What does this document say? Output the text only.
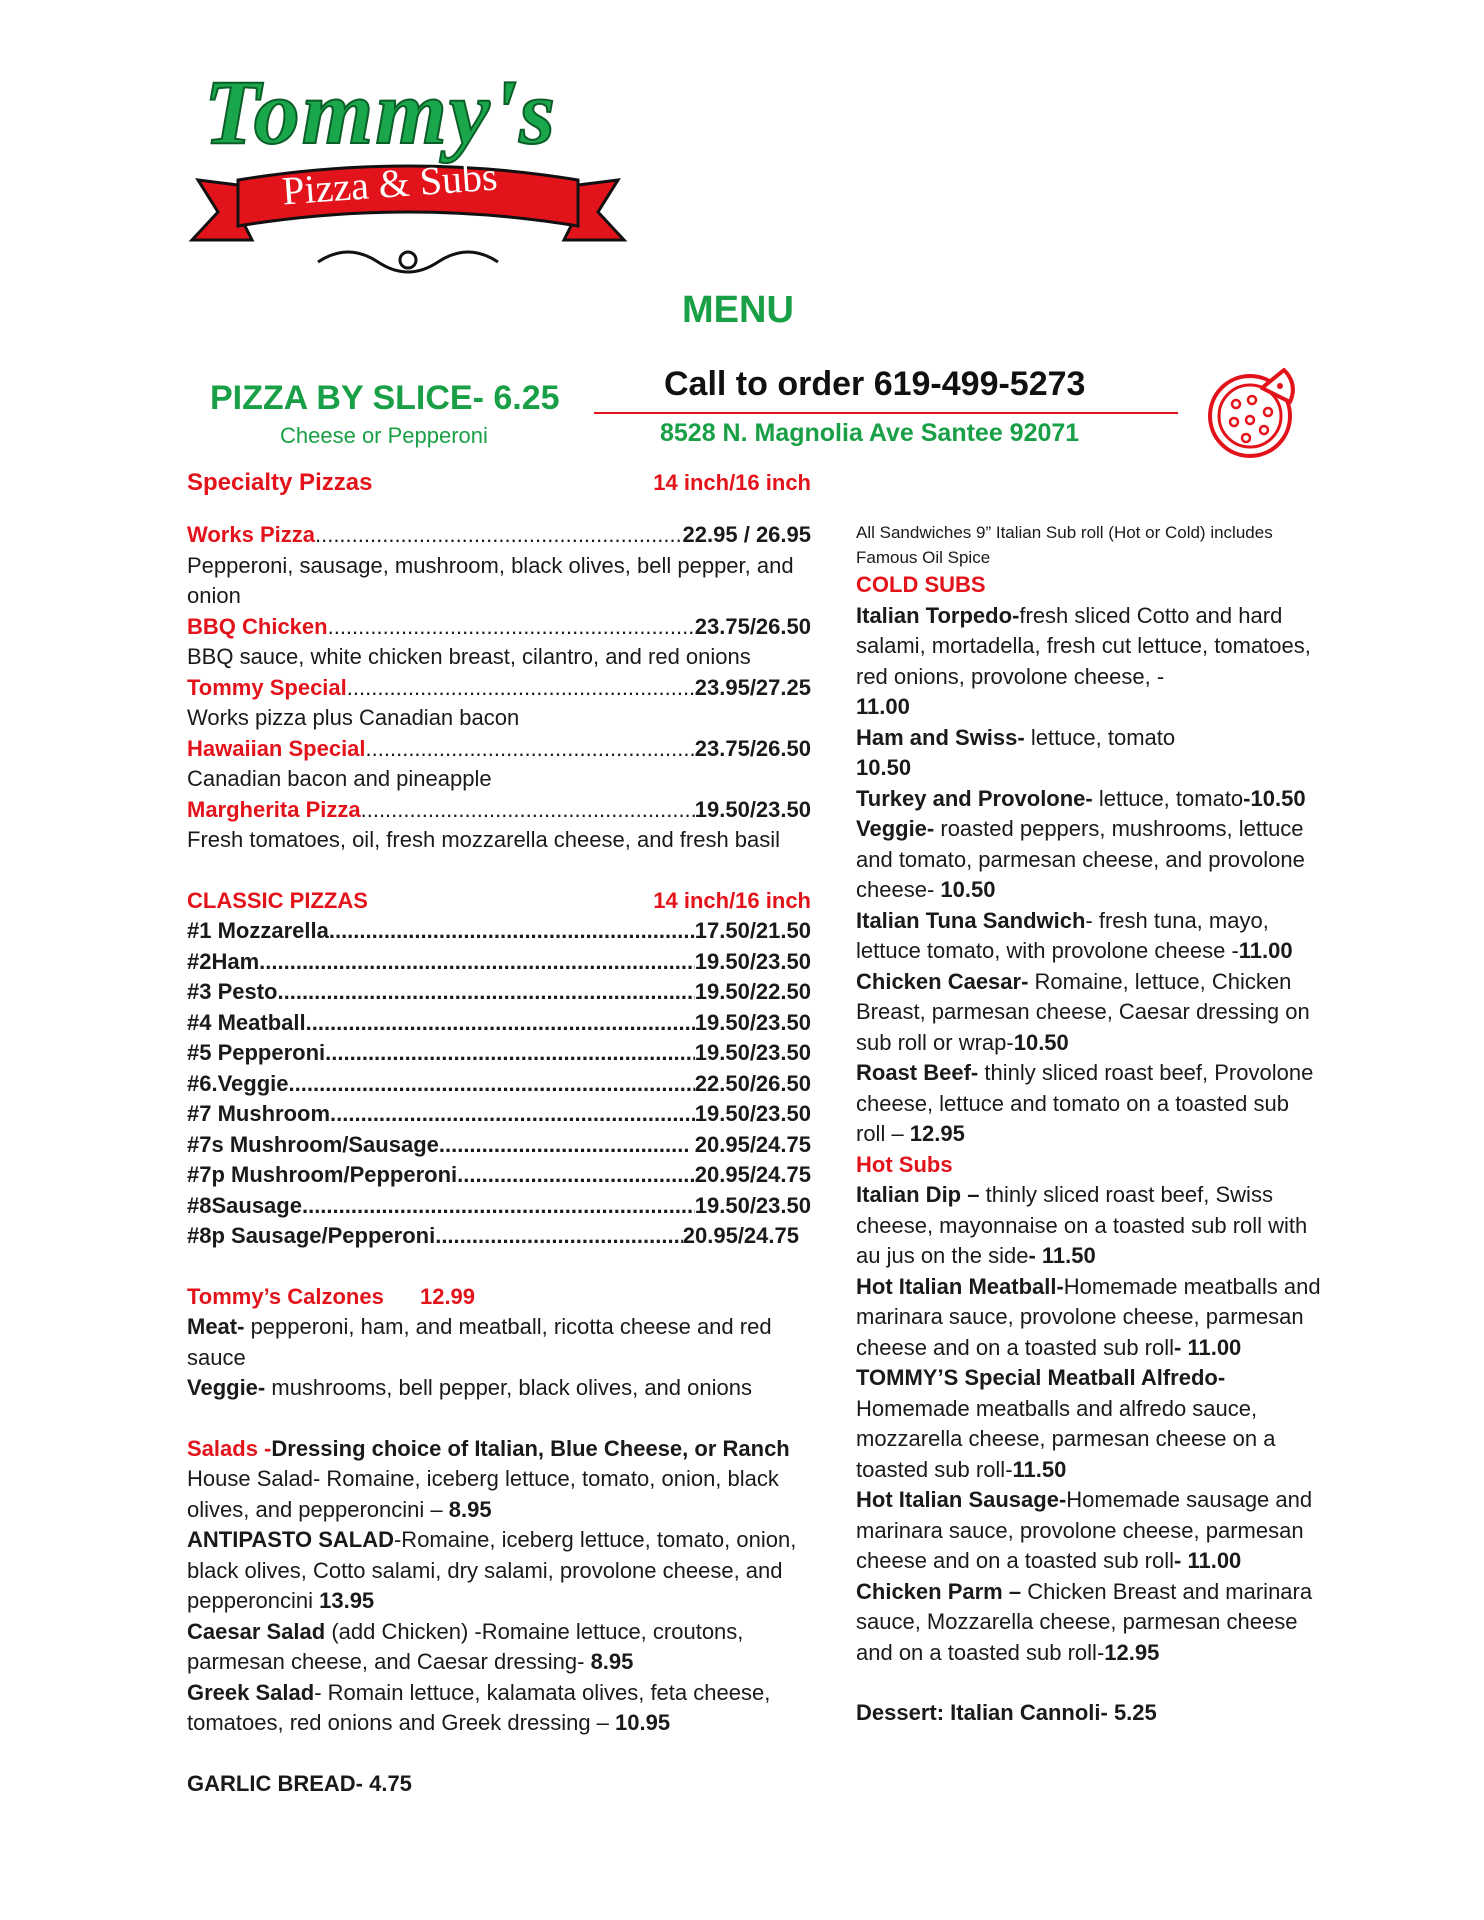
Tommy's
Pizza & Subs
MENU
Call to order 619-499-5273
8528 N. Magnolia Ave Santee 92071
PIZZA BY SLICE- 6.25
Cheese or Pepperoni
Specialty Pizzas	14 inch/16 inch
Works Pizza .....	22.95 / 26.95

Pepperoni, sausage, mushroom, black olives, bell pepper, and onion

BBQ Chicken .....	23.75/26.50

BBQ sauce, white chicken breast, cilantro, and red onions

Tommy Special .....	23.95/27.25

Works pizza plus Canadian bacon

Hawaiian Special .....	23.75/26.50

Canadian bacon and pineapple

Margherita Pizza .....	19.50/23.50

Fresh tomatoes, oil, fresh mozzarella cheese, and fresh basil

CLASSIC PIZZAS	14 inch/16 inch
#1 Mozzarella .....	17.50/21.50
#2Ham .....	19.50/23.50
#3 Pesto .....	19.50/22.50
#4 Meatball .....	19.50/23.50
#5 Pepperoni .....	19.50/23.50
#6.Veggie .....	22.50/26.50
#7 Mushroom .....	19.50/23.50
#7s Mushroom/Sausage .....	20.95/24.75
#7p Mushroom/Pepperoni .....	20.95/24.75
#8Sausage .....	19.50/23.50
#8p Sausage/Pepperoni .....	20.95/24.75
Tommy’s Calzones 12.99

Meat- pepperoni, ham, and meatball, ricotta cheese and red sauce

Veggie- mushrooms, bell pepper, black olives, and onions

Salads -Dressing choice of Italian, Blue Cheese, or Ranch

House Salad- Romaine, iceberg lettuce, tomato, onion, black olives, and pepperoncini – 8.95

ANTIPASTO SALAD-Romaine, iceberg lettuce, tomato, onion, black olives, Cotto salami, dry salami, provolone cheese, and pepperoncini 13.95

Caesar Salad (add Chicken) -Romaine lettuce, croutons, parmesan cheese, and Caesar dressing- 8.95

Greek Salad- Romain lettuce, kalamata olives, feta cheese, tomatoes, red onions and Greek dressing – 10.95

GARLIC BREAD- 4.75

All Sandwiches 9” Italian Sub roll (Hot or Cold) includes Famous Oil Spice

COLD SUBS

Italian Torpedo-fresh sliced Cotto and hard salami, mortadella, fresh cut lettuce, tomatoes, red onions, provolone cheese, -
11.00

Ham and Swiss- lettuce, tomato
10.50

Turkey and Provolone- lettuce, tomato-10.50

Veggie- roasted peppers, mushrooms, lettuce and tomato, parmesan cheese, and provolone cheese- 10.50

Italian Tuna Sandwich- fresh tuna, mayo, lettuce tomato, with provolone cheese -11.00

Chicken Caesar- Romaine, lettuce, Chicken Breast, parmesan cheese, Caesar dressing on sub roll or wrap-10.50

Roast Beef- thinly sliced roast beef, Provolone cheese, lettuce and tomato on a toasted sub roll – 12.95

Hot Subs

Italian Dip – thinly sliced roast beef, Swiss cheese, mayonnaise on a toasted sub roll with au jus on the side- 11.50

Hot Italian Meatball-Homemade meatballs and marinara sauce, provolone cheese, parmesan cheese and on a toasted sub roll- 11.00

TOMMY’S Special Meatball Alfredo- Homemade meatballs and alfredo sauce, mozzarella cheese, parmesan cheese on a toasted sub roll-11.50

Hot Italian Sausage-Homemade sausage and marinara sauce, provolone cheese, parmesan cheese and on a toasted sub roll- 11.00

Chicken Parm – Chicken Breast and marinara sauce, Mozzarella cheese, parmesan cheese and on a toasted sub roll-12.95

Dessert: Italian Cannoli- 5.25
